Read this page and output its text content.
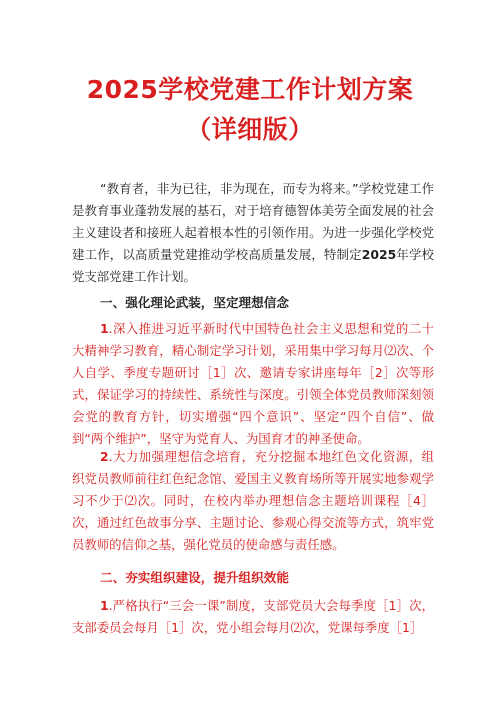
2025学校党建工作计划方案
（详细版）

“教育者，非为已往，非为现在，而专为将来。”学校党建工作是教育事业蓬勃发展的基石，对于培育德智体美劳全面发展的社会主义建设者和接班人起着根本性的引领作用。为进一步强化学校党建工作，以高质量党建推动学校高质量发展，特制定2025年学校党支部党建工作计划。

一、强化理论武装，坚定理想信念

1.深入推进习近平新时代中国特色社会主义思想和党的二十大精神学习教育，精心制定学习计划，采用集中学习每月⑵次、个人自学、季度专题研讨［1］次、邀请专家讲座每年［2］次等形式，保证学习的持续性、系统性与深度。引领全体党员教师深刻领会党的教育方针，切实增强“四个意识”、坚定“四个自信”、做到“两个维护”，坚守为党育人、为国育才的神圣使命。

2.大力加强理想信念培育，充分挖掘本地红色文化资源，组织党员教师前往红色纪念馆、爱国主义教育场所等开展实地参观学习不少于⑵次。同时，在校内举办理想信念主题培训课程［4］次，通过红色故事分享、主题讨论、参观心得交流等方式，筑牢党员教师的信仰之基，强化党员的使命感与责任感。

二、夯实组织建设，提升组织效能

1.严格执行“三会一课”制度，支部党员大会每季度［1］次，支部委员会每月［1］次，党小组会每月⑵次，党课每季度［1］
